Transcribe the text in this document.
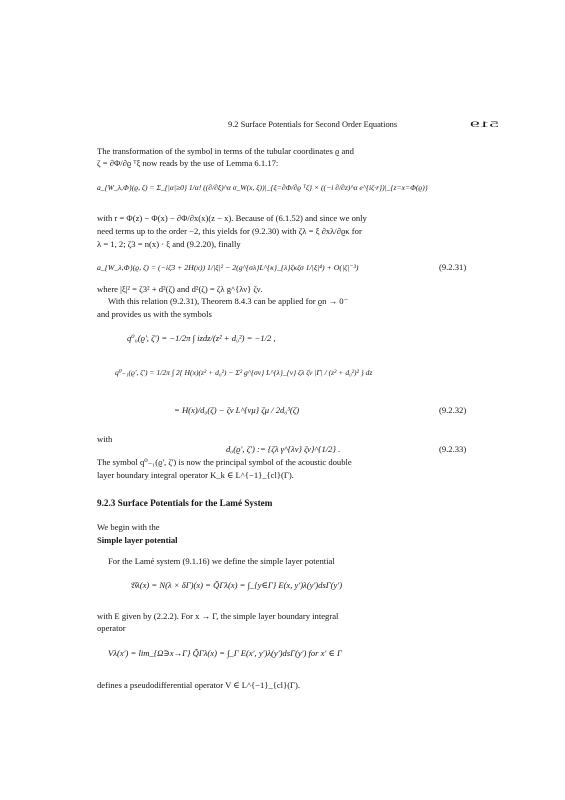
9.2 Surface Potentials for Second Order Equations	519
The transformation of the symbol in terms of the tubular coordinates ϱ and
ζ = ∂Φ/∂ϱ ᵀξ now reads by the use of Lemma 6.1.17:
a_{W_λ,Φ}(ϱ, ζ) = Σ_{|α|≥0} 1/α! ((∂/∂ξ)^α σ_W(x, ξ))|_{ξ=∂Φ/∂ϱ ᵀζ} × ((−i ∂/∂z)^α e^{iζ·r})|_{z=x=Φ(ϱ)}
with r = Φ(z) − Φ(x) − ∂Φ/∂x(x)(z − x). Because of (6.1.52) and since we only
need terms up to the order −2, this yields for (9.2.30) with ζλ = ξ ∂xλ/∂ϱκ for
λ = 1, 2; ζ3 = n(x) · ξ and (9.2.20), finally
a_{W_λ,Φ}(ϱ, ζ) = (−iζ3 + 2H(x)) 1/|ξ|² − 2(g^{σλ}L^{κ}_{λ}ζκζσ 1/|ξ|⁴) + O(|ζ|⁻³)	(9.2.31)
where |ξ|² = ζ3² + d²(ζ) and d²(ζ) = ζλ g^{λν} ζν.
With this relation (9.2.31), Theorem 8.4.3 can be applied for ϱn → 0⁻
and provides us with the symbols
q⁰₀(ϱ', ζ') = −1/2π ∫ izdz/(z² + d₀²) = −1/2 ,
q⁰₋₁(ϱ', ζ') = 1/2π ∫ 2{ H(x)(z² + d₀²) − Σ² g^{σν} L^{λ}_{ν} ζλ ζν |Γ| / (z² + d₀²)² } dz
= H(x)/d₀(ζ) − ζν L^{νμ} ζμ / 2d₀³(ζ)	(9.2.32)
with
d₀(ϱ', ζ') := {ζλ γ^{λν} ζν}^{1/2} .	(9.2.33)
The symbol q⁰₋₁(ϱ', ζ') is now the principal symbol of the acoustic double
layer boundary integral operator K_k ∈ L^{−1}_{cl}(Γ).
9.2.3 Surface Potentials for the Lamé System
We begin with the
Simple layer potential
For the Lamé system (9.1.16) we define the simple layer potential
𝔙λ(x) = N(λ × δΓ)(x) = Q̃Γλ(x) = ∫_{y∈Γ} E(x, y')λ(y')dsΓ(y')
with E given by (2.2.2). For x → Γ, the simple layer boundary integral
operator
Vλ(x') = lim_{Ω∋x→Γ} Q̃Γλ(x) = ∫_Γ E(x', y')λ(y')dsΓ(y') for x' ∈ Γ
defines a pseudodifferential operator V ∈ L^{−1}_{cl}(Γ).
